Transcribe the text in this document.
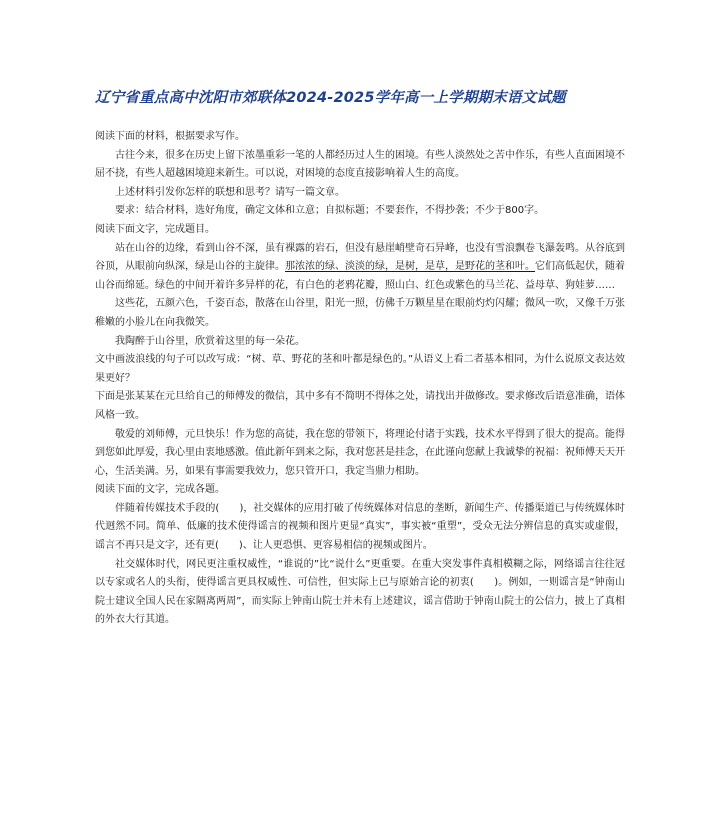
辽宁省重点高中沈阳市郊联体2024-2025学年高一上学期期末语文试题

阅读下面的材料，根据要求写作。

古往今来，很多在历史上留下浓墨重彩一笔的人都经历过人生的困境。有些人淡然处之苦中作乐，有些人直面困境不屈不挠，有些人超越困境迎来新生。可以说，对困境的态度直接影响着人生的高度。

上述材料引发你怎样的联想和思考？请写一篇文章。

要求：结合材料，选好角度，确定文体和立意；自拟标题；不要套作，不得抄袭；不少于800字。

阅读下面文字，完成题目。

站在山谷的边缘，看到山谷不深，虽有裸露的岩石，但没有悬崖峭壁奇石异峰，也没有雪浪飘卷飞瀑轰鸣。从谷底到谷顶，从眼前向纵深，绿是山谷的主旋律。那浓浓的绿、淡淡的绿，是树，是草，是野花的茎和叶。它们高低起伏，随着山谷而绵延。绿色的中间开着许多异样的花，有白色的老鸦花瓣，照山白、红色或紫色的马兰花、益母草、狗娃萝……

这些花，五颜六色，千姿百态，散落在山谷里，阳光一照，仿佛千万颗星星在眼前灼灼闪耀；微风一吹，又像千万张稚嫩的小脸儿在向我微笑。

我陶醉于山谷里，欣赏着这里的每一朵花。

文中画波浪线的句子可以改写成：“树、草、野花的茎和叶都是绿色的。”从语义上看二者基本相同，为什么说原文表达效果更好？

下面是张某某在元旦给自己的师傅发的微信，其中多有不简明不得体之处，请找出并做修改。要求修改后语意准确，语体风格一致。

敬爱的刘师傅，元旦快乐！作为您的高徒，我在您的带领下，将理论付诸于实践，技术水平得到了很大的提高。能得到您如此厚爱，我心里由衷地感激。值此新年到来之际，我对您甚是挂念，在此谨向您献上我诚挚的祝福：祝师傅天天开心，生活美满。另，如果有事需要我效力，您只管开口，我定当鼎力相助。

阅读下面的文字，完成各题。

伴随着传媒技术手段的(　　)，社交媒体的应用打破了传统媒体对信息的垄断，新闻生产、传播渠道已与传统媒体时代迥然不同。简单、低廉的技术使得谣言的视频和图片更显“真实”，事实被“重塑”，受众无法分辨信息的真实或虚假，谣言不再只是文字，还有更(　　)、让人更恐惧、更容易相信的视频或图片。

社交媒体时代，网民更注重权威性，“谁说的”比“说什么”更重要。在重大突发事件真相模糊之际，网络谣言往往冠以专家或名人的头衔，使得谣言更具权威性、可信性，但实际上已与原始言论的初衷(　　)。例如，一则谣言是“钟南山院士建议全国人民在家隔离两周”，而实际上钟南山院士并未有上述建议，谣言借助于钟南山院士的公信力，披上了真相的外衣大行其道。
